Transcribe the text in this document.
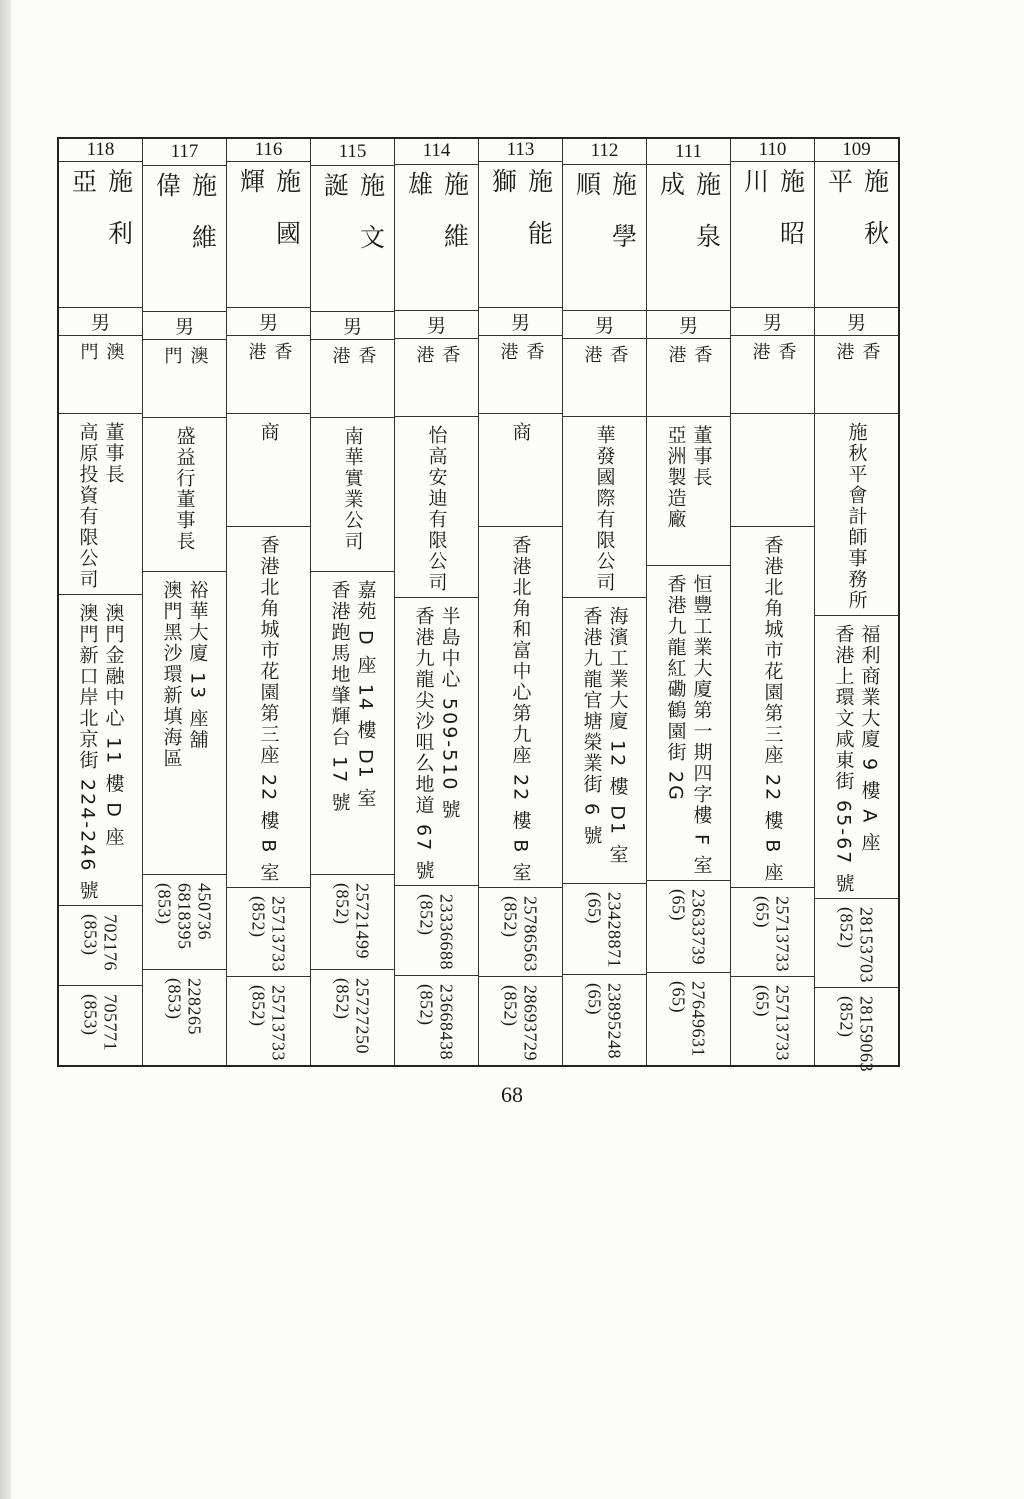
118
施利亞
男
澳門
高原投資有限公司 董事長
澳門新口岸北京街 224-246 號 澳門金融中心 11 樓 D 座
(853) 702176
(853) 705771
117
施維偉
男
澳門
盛益行董事長
澳門黑沙環新填海區 裕華大廈 13 座舖
(853) 6818395 450736
(853) 228265
116
施國輝
男
香港
商
香港北角城市花園第三座 22 樓 B 室
(852) 25713733
(852) 25713733
115
施文誕
男
香港
南華實業公司
香港跑馬地肇輝台 17 號 嘉苑 D 座 14 樓 D1 室
(852) 25721499
(852) 25727250
114
施維雄
男
香港
怡高安迪有限公司
香港九龍尖沙咀么地道 67 號 半島中心 509-510 號
(852) 23336688
(852) 23668438
113
施能獅
男
香港
商
香港北角和富中心第九座 22 樓 B 室
(852) 25786563
(852) 28693729
112
施學順
男
香港
華發國際有限公司
香港九龍官塘榮業街 6 號 海濱工業大廈 12 樓 D1 室
(65) 23428871
(65) 23895248
111
施泉成
男
香港
亞洲製造廠 董事長
香港九龍紅磡鶴園街 2G 恒豐工業大廈第一期四字樓 F 室
(65) 23633739
(65) 27649631
110
施昭川
男
香港
香港北角城市花園第三座 22 樓 B 座
(65) 25713733
(65) 25713733
109
施秋平
男
香港
施秋平會計師事務所
香港上環文咸東街 65-67 號 福利商業大廈 9 樓 A 座
(852) 28153703
(852) 28159063
68
